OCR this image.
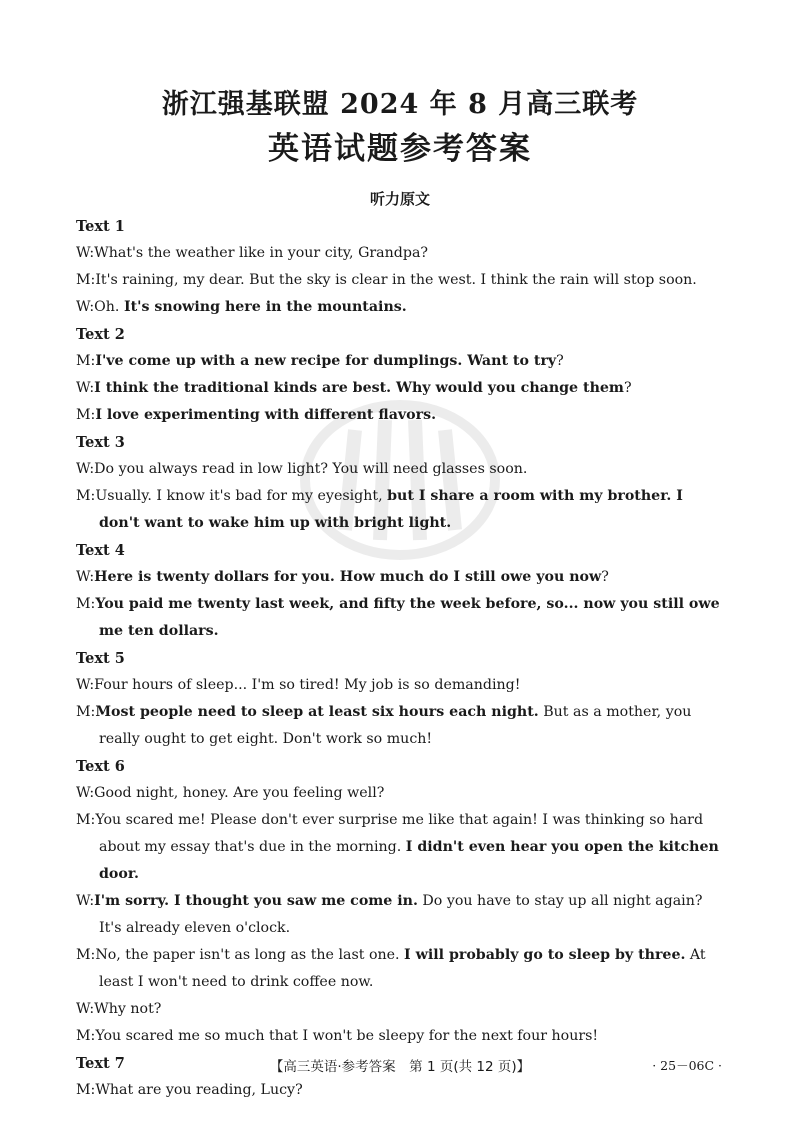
浙江强基联盟 2024 年 8 月高三联考
英语试题参考答案
听力原文
Text 1
W:What's the weather like in your city, Grandpa?
M:It's raining, my dear. But the sky is clear in the west. I think the rain will stop soon.
W:Oh. It's snowing here in the mountains.
Text 2
M:I've come up with a new recipe for dumplings. Want to try?
W:I think the traditional kinds are best. Why would you change them?
M:I love experimenting with different flavors.
Text 3
W:Do you always read in low light? You will need glasses soon.
M:Usually. I know it's bad for my eyesight, but I share a room with my brother. I don't want to wake him up with bright light.
Text 4
W:Here is twenty dollars for you. How much do I still owe you now?
M:You paid me twenty last week, and fifty the week before, so... now you still owe me ten dollars.
Text 5
W:Four hours of sleep... I'm so tired! My job is so demanding!
M:Most people need to sleep at least six hours each night. But as a mother, you really ought to get eight. Don't work so much!
Text 6
W:Good night, honey. Are you feeling well?
M:You scared me! Please don't ever surprise me like that again! I was thinking so hard about my essay that's due in the morning. I didn't even hear you open the kitchen door.
W:I'm sorry. I thought you saw me come in. Do you have to stay up all night again? It's already eleven o'clock.
M:No, the paper isn't as long as the last one. I will probably go to sleep by three. At least I won't need to drink coffee now.
W:Why not?
M:You scared me so much that I won't be sleepy for the next four hours!
Text 7
M:What are you reading, Lucy?
【高三英语·参考答案　第 1 页(共 12 页)】	· 25－06C ·
